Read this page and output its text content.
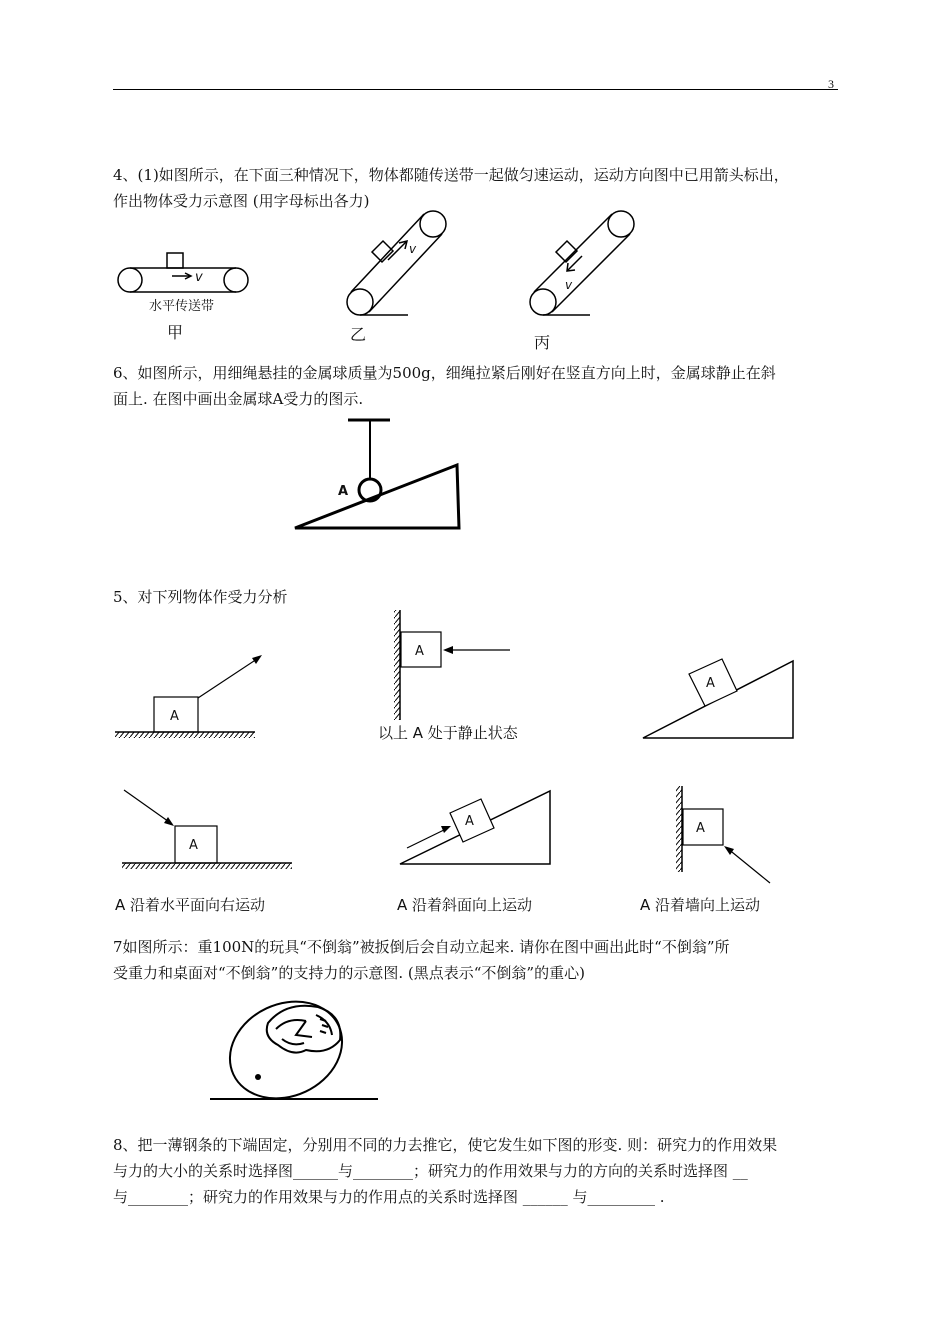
3

4、(1)如图所示，在下面三种情况下，物体都随传送带一起做匀速运动，运动方向图中已用箭头标出，

作出物体受力示意图 (用字母标出各力)

v
v
v
水平传送带
甲	乙	丙

6、如图所示，用细绳悬挂的金属球质量为500g，细绳拉紧后刚好在竖直方向上时，金属球静止在斜

面上. 在图中画出金属球A受力的图示.

A

5、对下列物体作受力分析

A
A
以上 A 处于静止状态
A
A
A 沿着水平面向右运动
A
A 沿着斜面向上运动
A
A 沿着墙向上运动

7如图所示：重100N的玩具“不倒翁”被扳倒后会自动立起来. 请你在图中画出此时“不倒翁”所

受重力和桌面对“不倒翁”的支持力的示意图. (黑点表示“不倒翁”的重心)

8、把一薄钢条的下端固定，分别用不同的力去推它，使它发生如下图的形变. 则：研究力的作用效果

与力的大小的关系时选择图______与________；研究力的作用效果与力的方向的关系时选择图 __

与________；研究力的作用效果与力的作用点的关系时选择图 ______ 与_________ .
